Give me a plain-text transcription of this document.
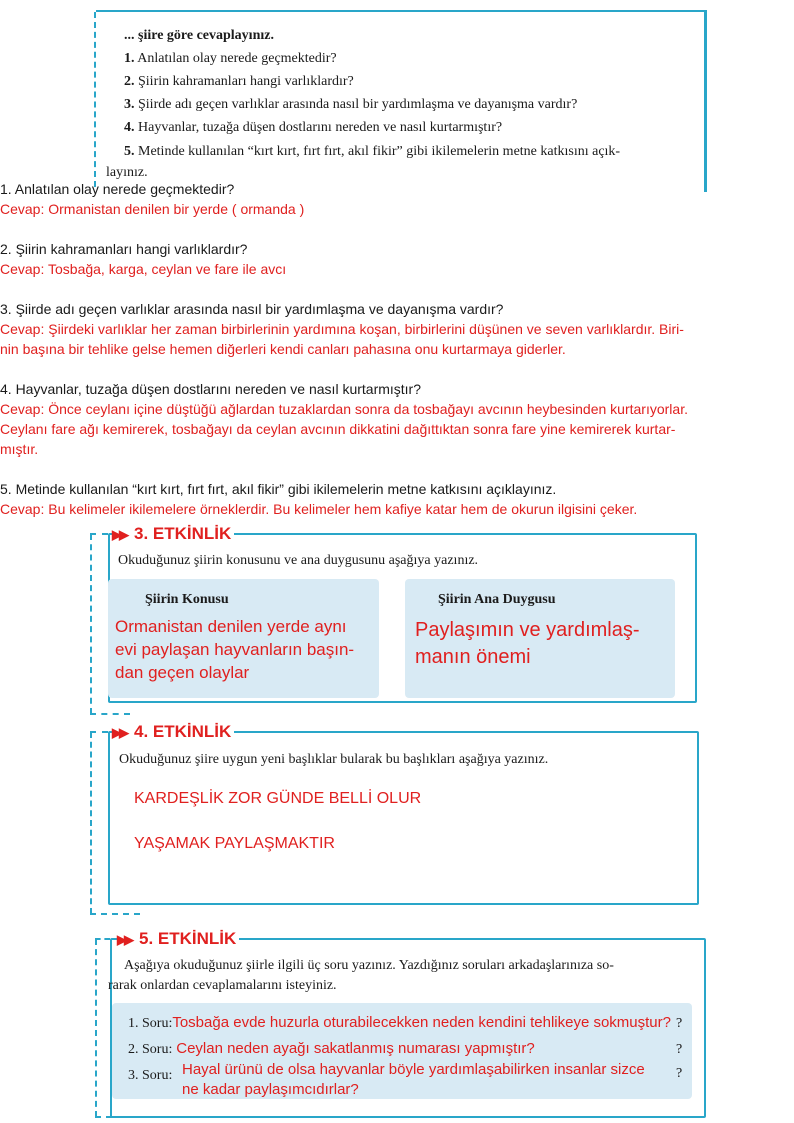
... şiire göre cevaplayınız.
1. Anlatılan olay nerede geçmektedir?
2. Şiirin kahramanları hangi varlıklardır?
3. Şiirde adı geçen varlıklar arasında nasıl bir yardımlaşma ve dayanışma vardır?
4. Hayvanlar, tuzağa düşen dostlarını nereden ve nasıl kurtarmıştır?
5. Metinde kullanılan “kırt kırt, fırt fırt, akıl fikir” gibi ikilemelerin metne katkısını açık-
layınız.
1. Anlatılan olay nerede geçmektedir?
Cevap: Ormanistan denilen bir yerde ( ormanda )
2. Şiirin kahramanları hangi varlıklardır?
Cevap: Tosbağa, karga, ceylan ve fare ile avcı
3. Şiirde adı geçen varlıklar arasında nasıl bir yardımlaşma ve dayanışma vardır?
Cevap: Şiirdeki varlıklar her zaman birbirlerinin yardımına koşan, birbirlerini düşünen ve seven varlıklardır. Biri-
nin başına bir tehlike gelse hemen diğerleri kendi canları pahasına onu kurtarmaya giderler.
4. Hayvanlar, tuzağa düşen dostlarını nereden ve nasıl kurtarmıştır?
Cevap: Önce ceylanı içine düştüğü ağlardan tuzaklardan sonra da tosbağayı avcının heybesinden kurtarıyorlar.
Ceylanı fare ağı kemirerek, tosbağayı da ceylan avcının dikkatini dağıttıktan sonra fare yine kemirerek kurtar-
mıştır.
5. Metinde kullanılan “kırt kırt, fırt fırt, akıl fikir” gibi ikilemelerin metne katkısını açıklayınız.
Cevap: Bu kelimeler ikilemelere örneklerdir. Bu kelimeler hem kafiye katar hem de okurun ilgisini çeker.
▶▶ 3. ETKİNLİK
Okuduğunuz şiirin konusunu ve ana duygusunu aşağıya yazınız.
Şiirin Konusu
Ormanistan denilen yerde aynı
evi paylaşan hayvanların başın-
dan geçen olaylar
Şiirin Ana Duygusu
Paylaşımın ve yardımlaş-
manın önemi
▶▶ 4. ETKİNLİK
Okuduğunuz şiire uygun yeni başlıklar bularak bu başlıkları aşağıya yazınız.
KARDEŞLİK ZOR GÜNDE BELLİ OLUR
YAŞAMAK PAYLAŞMAKTIR
▶▶ 5. ETKİNLİK
Aşağıya okuduğunuz şiirle ilgili üç soru yazınız. Yazdığınız soruları arkadaşlarınıza so-
rarak onlardan cevaplamalarını isteyiniz.
1. Soru:Tosbağa evde huzurla oturabilecekken neden kendini tehlikeye sokmuştur? ?
2. Soru: Ceylan neden ayağı sakatlanmış numarası yapmıştır?	?
3. Soru: Hayal ürünü de olsa hayvanlar böyle yardımlaşabilirken insanlar sizce
ne kadar paylaşımcıdırlar?
?
